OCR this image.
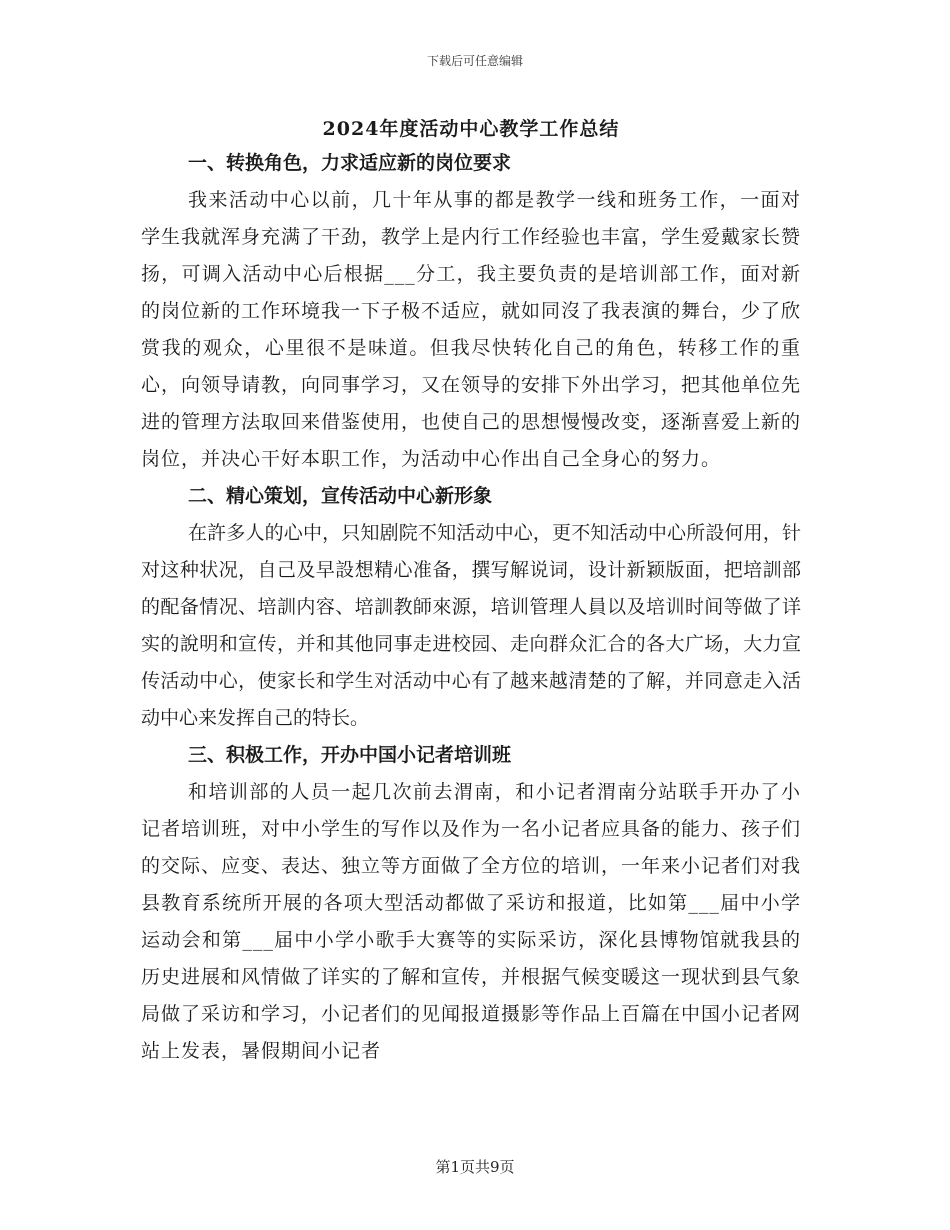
下载后可任意编辑
2024年度活动中心教学工作总结
一、转换角色，力求适应新的岗位要求

我来活动中心以前，几十年从事的都是教学一线和班务工作，一面对学生我就浑身充满了干劲，教学上是内行工作经验也丰富，学生爱戴家长赞扬，可调入活动中心后根据___分工，我主要负责的是培训部工作，面对新的岗位新的工作环境我一下子极不适应，就如同沒了我表演的舞台，少了欣赏我的观众，心里很不是味道。但我尽快转化自己的角色，转移工作的重心，向领导请教，向同事学习，又在领导的安排下外出学习，把其他单位先进的管理方法取回来借鉴使用，也使自己的思想慢慢改变，逐渐喜爱上新的岗位，并决心干好本职工作，为活动中心作出自己全身心的努力。

二、精心策划，宣传活动中心新形象

在許多人的心中，只知剧院不知活动中心，更不知活动中心所設何用，针对这种状况，自己及早設想精心准备，撰写解说词，设计新颖版面，把培訓部的配备情况、培訓内容、培訓教師來源，培训管理人員以及培训时间等做了详实的說明和宣传，并和其他同事走进校园、走向群众汇合的各大广场，大力宣传活动中心，使家长和学生对活动中心有了越来越清楚的了解，并同意走入活动中心来发挥自己的特长。

三、积极工作，开办中国小记者培训班

和培训部的人员一起几次前去渭南，和小记者渭南分站联手开办了小记者培训班，对中小学生的写作以及作为一名小记者应具备的能力、孩子们的交际、应变、表达、独立等方面做了全方位的培训，一年来小记者们对我县教育系统所开展的各项大型活动都做了采访和报道，比如第___届中小学运动会和第___届中小学小歌手大赛等的实际采访，深化县博物馆就我县的历史进展和风情做了详实的了解和宣传，并根据气候变暖这一现状到县气象局做了采访和学习，小记者们的见闻报道摄影等作品上百篇在中国小记者网站上发表，暑假期间小记者

第1页共9页
